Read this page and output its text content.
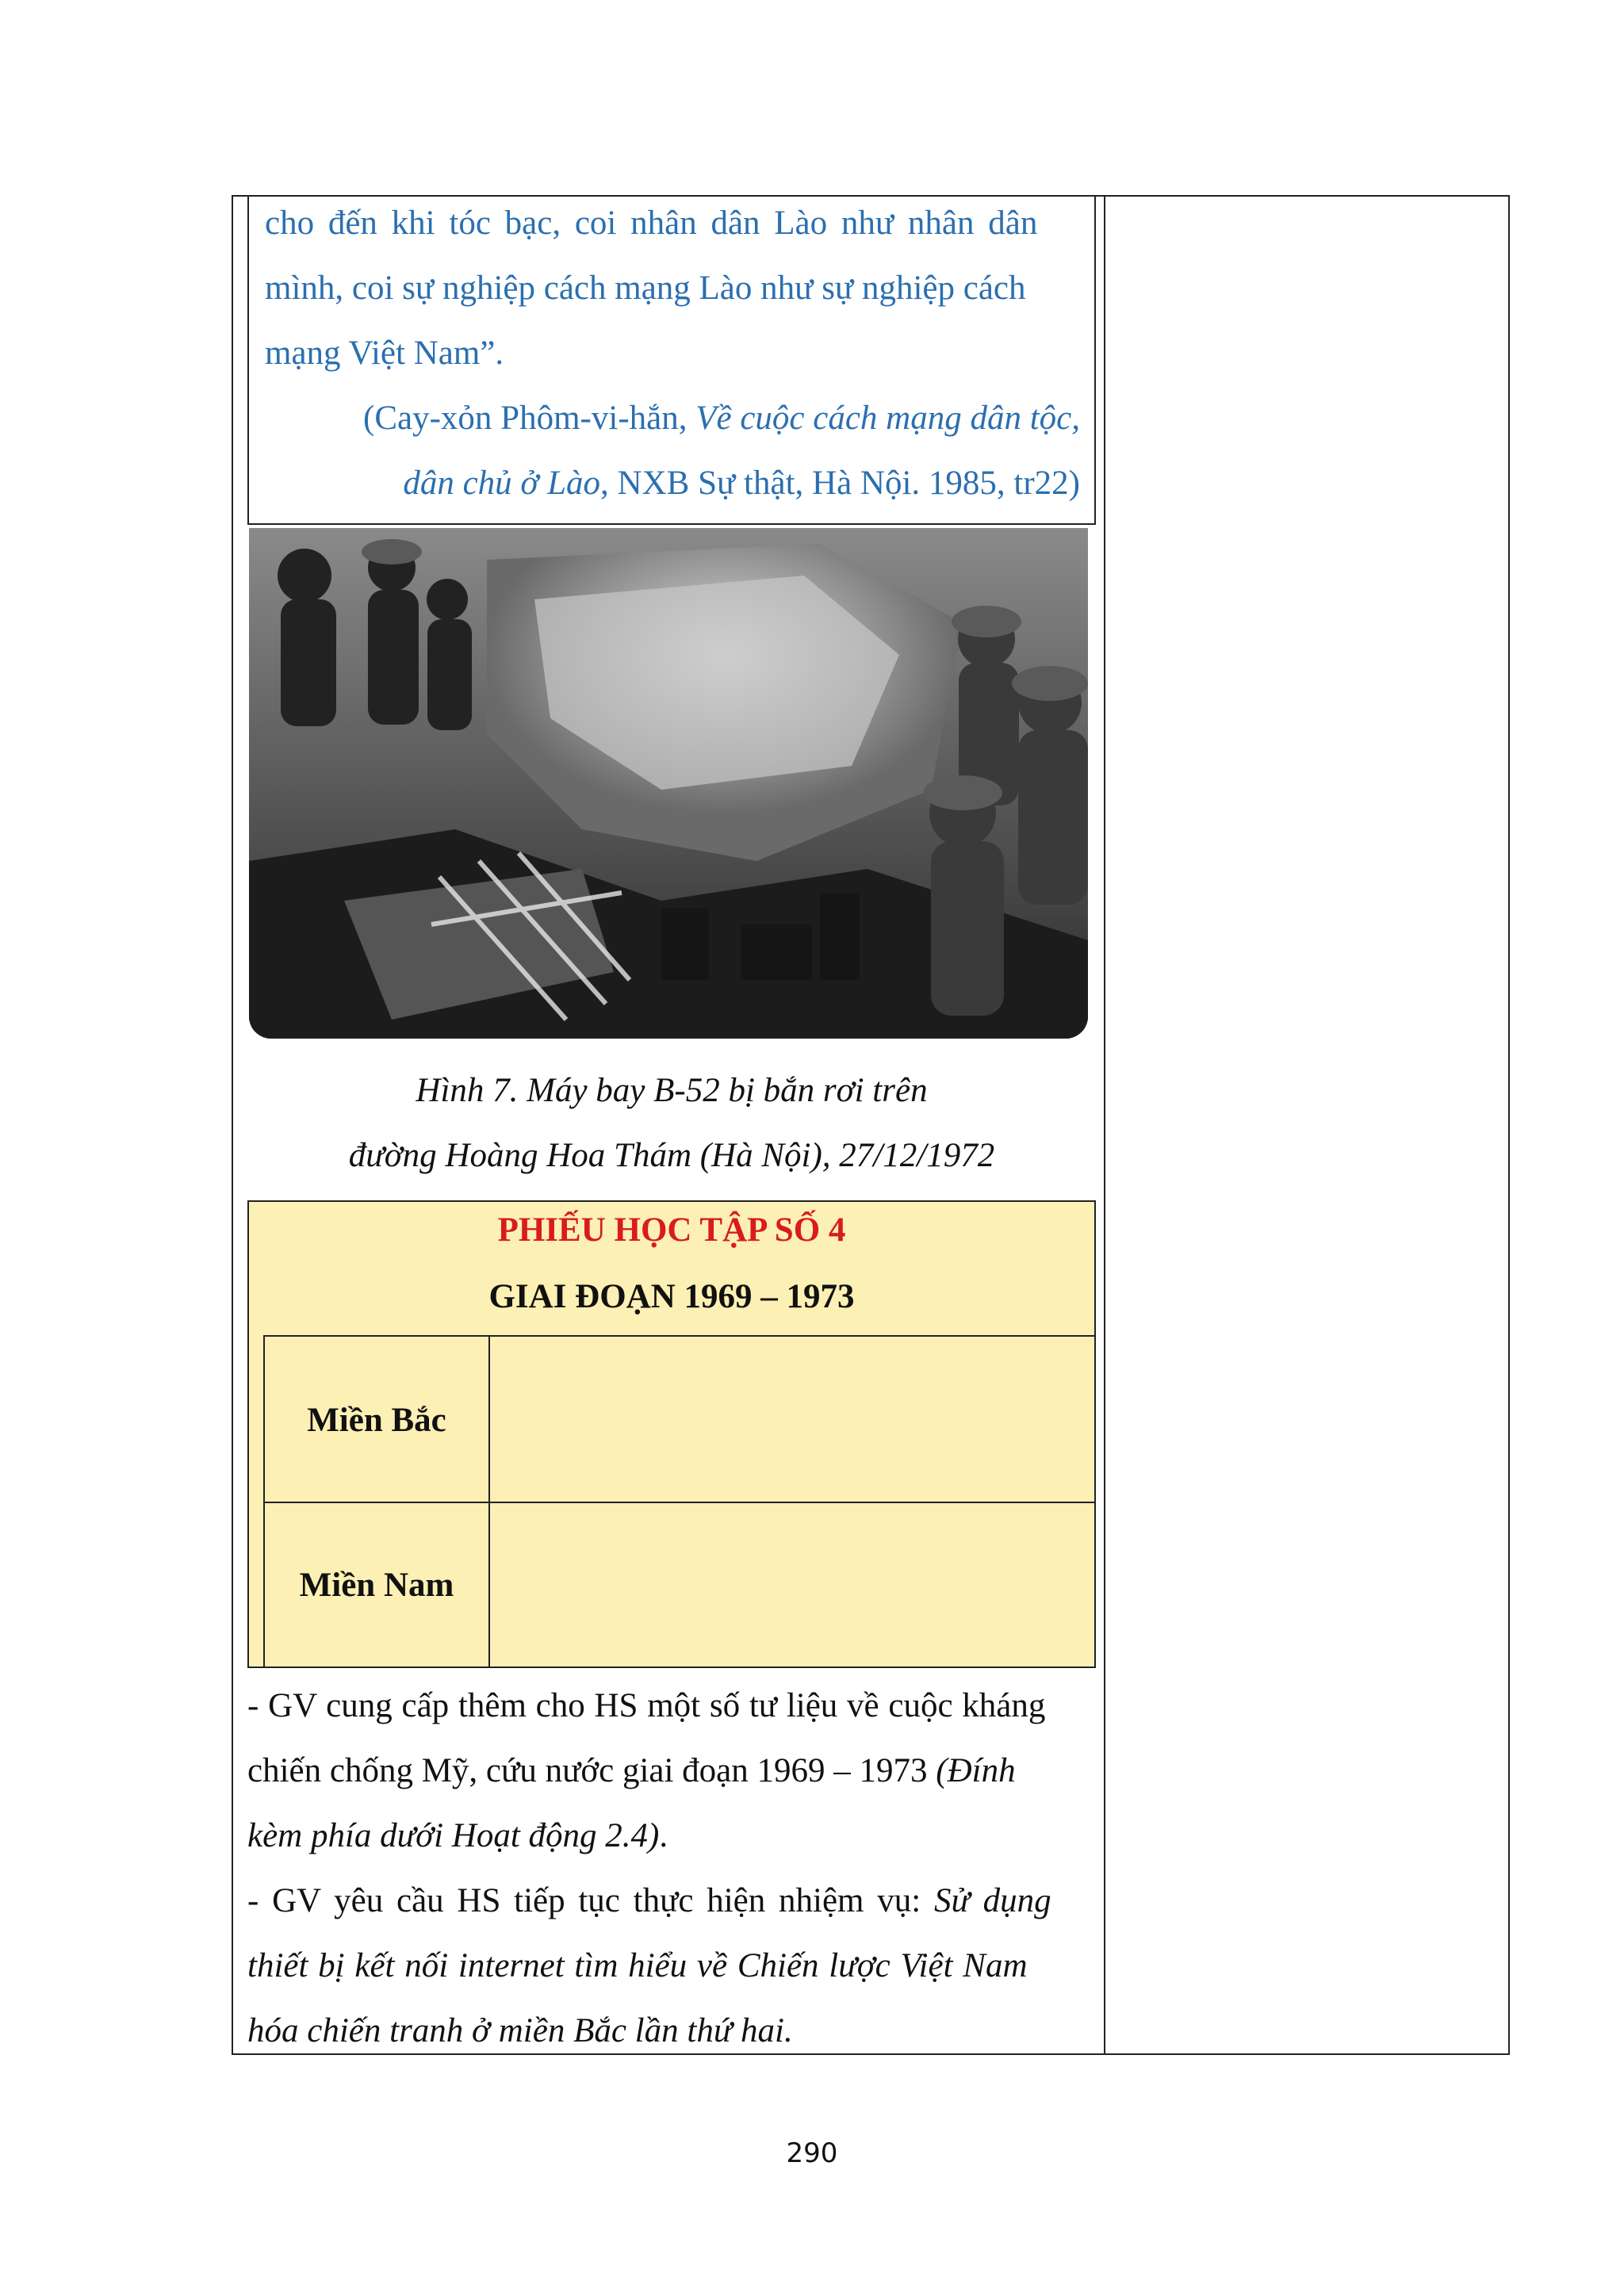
cho đến khi tóc bạc, coi nhân dân Lào như nhân dân
mình, coi sự nghiệp cách mạng Lào như sự nghiệp cách
mạng Việt Nam”.
(Cay-xỏn Phôm-vi-hắn, Về cuộc cách mạng dân tộc,
dân chủ ở Lào, NXB Sự thật, Hà Nội. 1985, tr22)
Hình 7. Máy bay B-52 bị bắn rơi trên
đường Hoàng Hoa Thám (Hà Nội), 27/12/1972
PHIẾU HỌC TẬP SỐ 4
GIAI ĐOẠN 1969 – 1973
Miền Bắc
Miền Nam
- GV cung cấp thêm cho HS một số tư liệu về cuộc kháng
chiến chống Mỹ, cứu nước giai đoạn 1969 – 1973 (Đính
kèm phía dưới Hoạt động 2.4).
- GV yêu cầu HS tiếp tục thực hiện nhiệm vụ: Sử dụng
thiết bị kết nối internet tìm hiểu về Chiến lược Việt Nam
hóa chiến tranh ở miền Bắc lần thứ hai.
290
